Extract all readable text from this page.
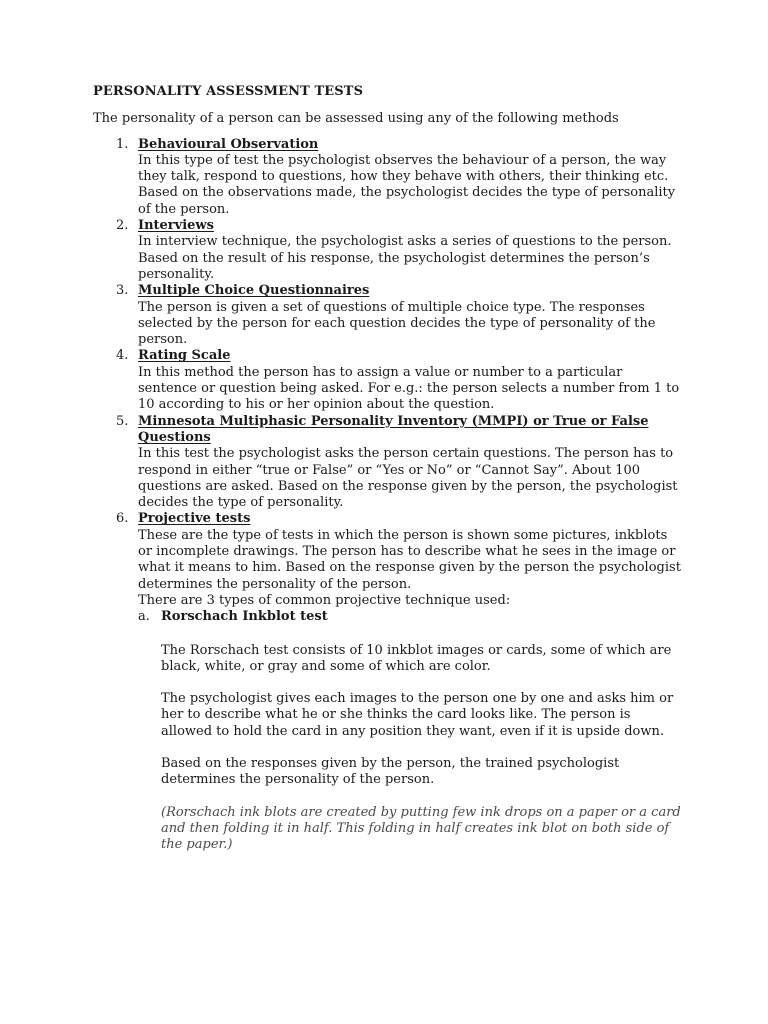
PERSONALITY ASSESSMENT TESTS
The personality of a person can be assessed using any of the following methods
1. Behavioural Observation
In this type of test the psychologist observes the behaviour of a person, the way they talk, respond to questions, how they behave with others, their thinking etc. Based on the observations made, the psychologist decides the type of personality of the person.
2. Interviews
In interview technique, the psychologist asks a series of questions to the person. Based on the result of his response, the psychologist determines the person’s personality.
3. Multiple Choice Questionnaires
The person is given a set of questions of multiple choice type. The responses selected by the person for each question decides the type of personality of the person.
4. Rating Scale
In this method the person has to assign a value or number to a particular sentence or question being asked. For e.g.: the person selects a number from 1 to 10 according to his or her opinion about the question.
5. Minnesota Multiphasic Personality Inventory (MMPI) or True or False Questions
In this test the psychologist asks the person certain questions. The person has to respond in either “true or False” or “Yes or No” or “Cannot Say”. About 100 questions are asked. Based on the response given by the person, the psychologist decides the type of personality.
6. Projective tests
These are the type of tests in which the person is shown some pictures, inkblots or incomplete drawings. The person has to describe what he sees in the image or what it means to him. Based on the response given by the person the psychologist determines the personality of the person.
There are 3 types of common projective technique used:
a. Rorschach Inkblot test
The Rorschach test consists of 10 inkblot images or cards, some of which are black, white, or gray and some of which are color.
The psychologist gives each images to the person one by one and asks him or her to describe what he or she thinks the card looks like. The person is allowed to hold the card in any position they want, even if it is upside down.
Based on the responses given by the person, the trained psychologist determines the personality of the person.
(Rorschach ink blots are created by putting few ink drops on a paper or a card and then folding it in half. This folding in half creates ink blot on both side of the paper.)
